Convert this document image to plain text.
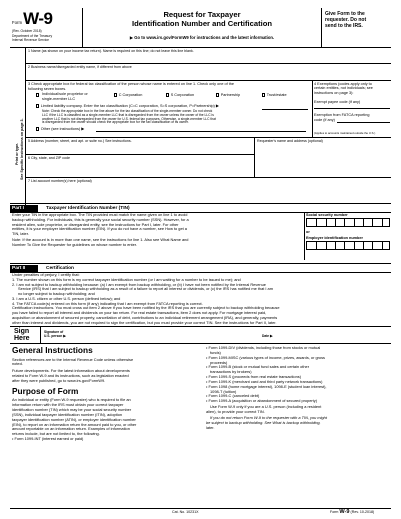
Form W-9
(Rev. October 2018)
Department of the Treasury
Internal Revenue Service
Request for Taxpayer
Identification Number and Certification
▶ Go to www.irs.gov/FormW9 for instructions and the latest information.
Give Form to the
requester. Do not
send to the IRS.
Print or type. See Specific Instructions on page 3.
1 Name (as shown on your income tax return). Name is required on this line; do not leave this line blank.
2 Business name/disregarded entity name, if different from above
3 Check appropriate box for federal tax classification of the person whose name is entered on line 1. Check only one of the
following seven boxes.
Individual/sole proprietor or
single-member LLC
C Corporation	S Corporation	Partnership	Trust/estate
Limited liability company. Enter the tax classification (C=C corporation, S=S corporation, P=Partnership) ▶
Note: Check the appropriate box in the line above for the tax classification of the single-member owner. Do not check
LLC if the LLC is classified as a single-member LLC that is disregarded from the owner unless the owner of the LLC is
another LLC that is not disregarded from the owner for U.S. federal tax purposes. Otherwise, a single-member LLC that
is disregarded from the owner should check the appropriate box for the tax classification of its owner.
Other (see instructions) ▶
4 Exemptions (codes apply only to
certain entities, not individuals; see
instructions on page 3):
Exempt payee code (if any)
Exemption from FATCA reporting
code (if any)
(Applies to accounts maintained outside the U.S.)
5 Address (number, street, and apt. or suite no.) See instructions.	Requester's name and address (optional)
6 City, state, and ZIP code
7 List account number(s) here (optional)
Part I	Taxpayer Identification Number (TIN)
Enter your TIN in the appropriate box. The TIN provided must match the name given on line 1 to avoid
backup withholding. For individuals, this is generally your social security number (SSN). However, for a
resident alien, sole proprietor, or disregarded entity, see the instructions for Part I, later. For other
entities, it is your employer identification number (EIN). If you do not have a number, see How to get a
TIN, later.
Note: If the account is in more than one name, see the instructions for line 1. Also see What Name and
Number To Give the Requester for guidelines on whose number to enter.
Social security number
or
Employer identification number
Part II	Certification
Under penalties of perjury, I certify that:
1. The number shown on this form is my correct taxpayer identification number (or I am waiting for a number to be issued to me); and
2. I am not subject to backup withholding because: (a) I am exempt from backup withholding, or (b) I have not been notified by the Internal Revenue
Service (IRS) that I am subject to backup withholding as a result of a failure to report all interest or dividends, or (c) the IRS has notified me that I am
no longer subject to backup withholding; and
3. I am a U.S. citizen or other U.S. person (defined below); and
4. The FATCA code(s) entered on this form (if any) indicating that I am exempt from FATCA reporting is correct.
Certification instructions. You must cross out item 2 above if you have been notified by the IRS that you are currently subject to backup withholding because
you have failed to report all interest and dividends on your tax return. For real estate transactions, item 2 does not apply. For mortgage interest paid,
acquisition or abandonment of secured property, cancellation of debt, contributions to an individual retirement arrangement (IRA), and generally, payments
other than interest and dividends, you are not required to sign the certification, but you must provide your correct TIN. See the instructions for Part II, later.
Sign
Here
Signature of
U.S. person ▶	Date ▶
General Instructions
Section references are to the Internal Revenue Code unless otherwise
noted.
Future developments. For the latest information about developments
related to Form W-9 and its instructions, such as legislation enacted
after they were published, go to www.irs.gov/FormW9.
Purpose of Form
An individual or entity (Form W-9 requester) who is required to file an
information return with the IRS must obtain your correct taxpayer
identification number (TIN) which may be your social security number
(SSN), individual taxpayer identification number (ITIN), adoption
taxpayer identification number (ATIN), or employer identification number
(EIN), to report on an information return the amount paid to you, or other
amount reportable on an information return. Examples of information
returns include, but are not limited to, the following.
• Form 1099-INT (interest earned or paid)
• Form 1099-DIV (dividends, including those from stocks or mutual
funds)
• Form 1099-MISC (various types of income, prizes, awards, or gross
proceeds)
• Form 1099-B (stock or mutual fund sales and certain other
transactions by brokers)
• Form 1099-S (proceeds from real estate transactions)
• Form 1099-K (merchant card and third party network transactions)
• Form 1098 (home mortgage interest), 1098-E (student loan interest),
1098-T (tuition)
• Form 1099-C (canceled debt)
• Form 1099-A (acquisition or abandonment of secured property)
Use Form W-9 only if you are a U.S. person (including a resident
alien), to provide your correct TIN.
If you do not return Form W-9 to the requester with a TIN, you might
be subject to backup withholding. See What is backup withholding,
later.
Cat. No. 10231X	Form W-9 (Rev. 10-2018)
